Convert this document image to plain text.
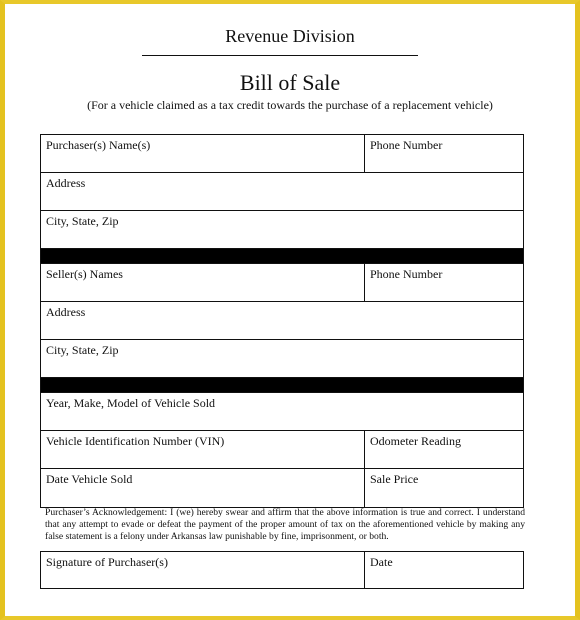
Revenue Division
Bill of Sale
(For a vehicle claimed as a tax credit towards the purchase of a replacement vehicle)
Purchaser(s) Name(s)	Phone Number
Address
City, State, Zip
Seller(s) Names	Phone Number
Address
City, State, Zip
Year, Make, Model of Vehicle Sold
Vehicle Identification Number (VIN)	Odometer Reading
Date Vehicle Sold	Sale Price
Purchaser’s Acknowledgement: I (we) hereby swear and affirm that the above information is true and correct. I understand that any attempt to evade or defeat the payment of the proper amount of tax on the aforementioned vehicle by making any false statement is a felony under Arkansas law punishable by fine, imprisonment, or both.
Signature of Purchaser(s)	Date
